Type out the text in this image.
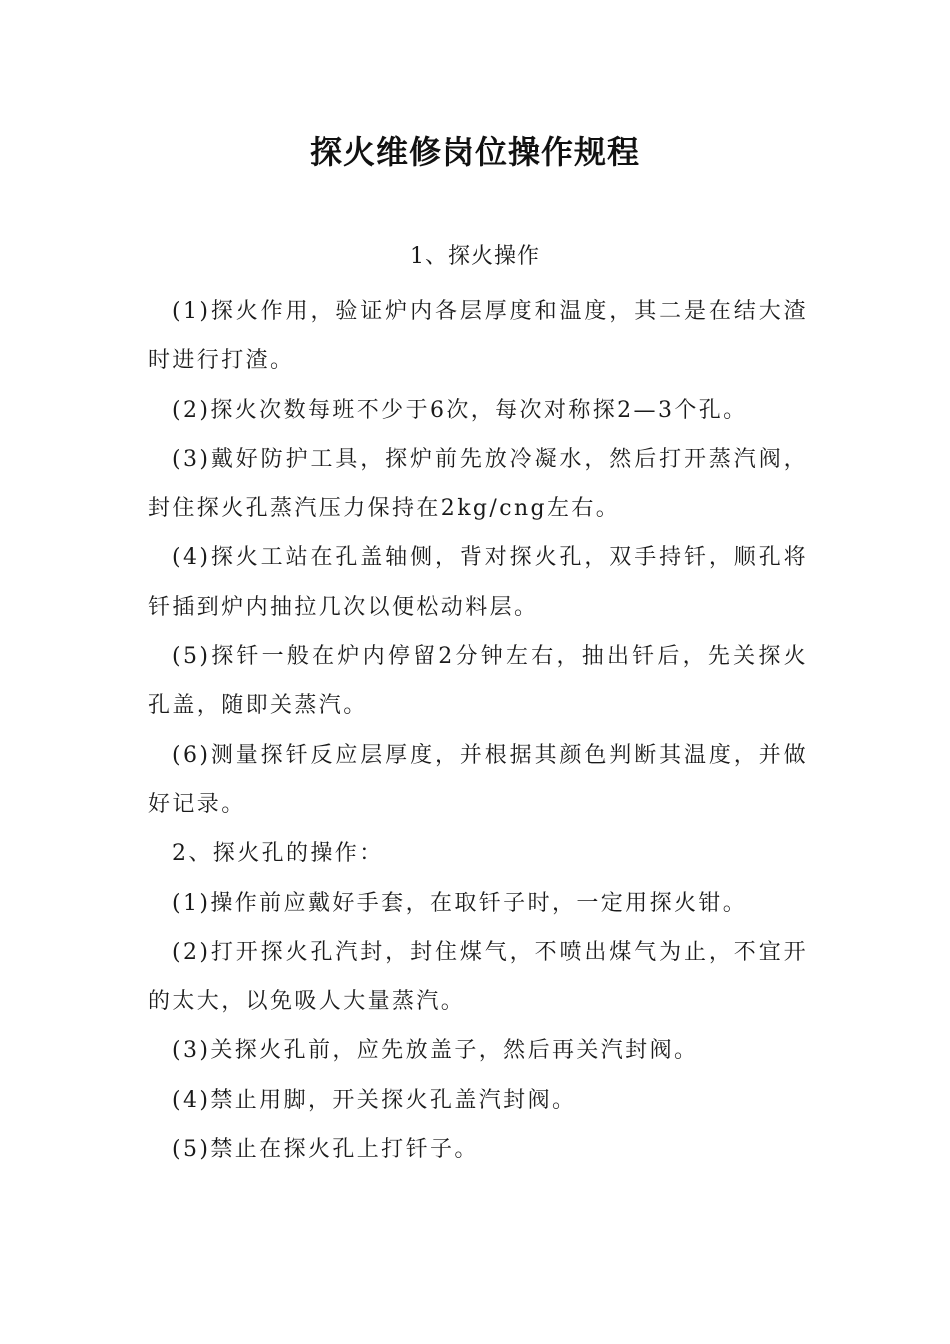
探火维修岗位操作规程
1、探火操作

(1)探火作用，验证炉内各层厚度和温度，其二是在结大渣时进行打渣。

(2)探火次数每班不少于6次，每次对称探2—3个孔。

(3)戴好防护工具，探炉前先放冷凝水，然后打开蒸汽阀，封住探火孔蒸汽压力保持在2kg/cng左右。

(4)探火工站在孔盖轴侧，背对探火孔，双手持钎，顺孔将钎插到炉内抽拉几次以便松动料层。

(5)探钎一般在炉内停留2分钟左右，抽出钎后，先关探火孔盖，随即关蒸汽。

(6)测量探钎反应层厚度，并根据其颜色判断其温度，并做好记录。

2、探火孔的操作：

(1)操作前应戴好手套，在取钎子时，一定用探火钳。

(2)打开探火孔汽封，封住煤气，不喷出煤气为止，不宜开的太大，以免吸人大量蒸汽。

(3)关探火孔前，应先放盖子，然后再关汽封阀。

(4)禁止用脚，开关探火孔盖汽封阀。

(5)禁止在探火孔上打钎子。
